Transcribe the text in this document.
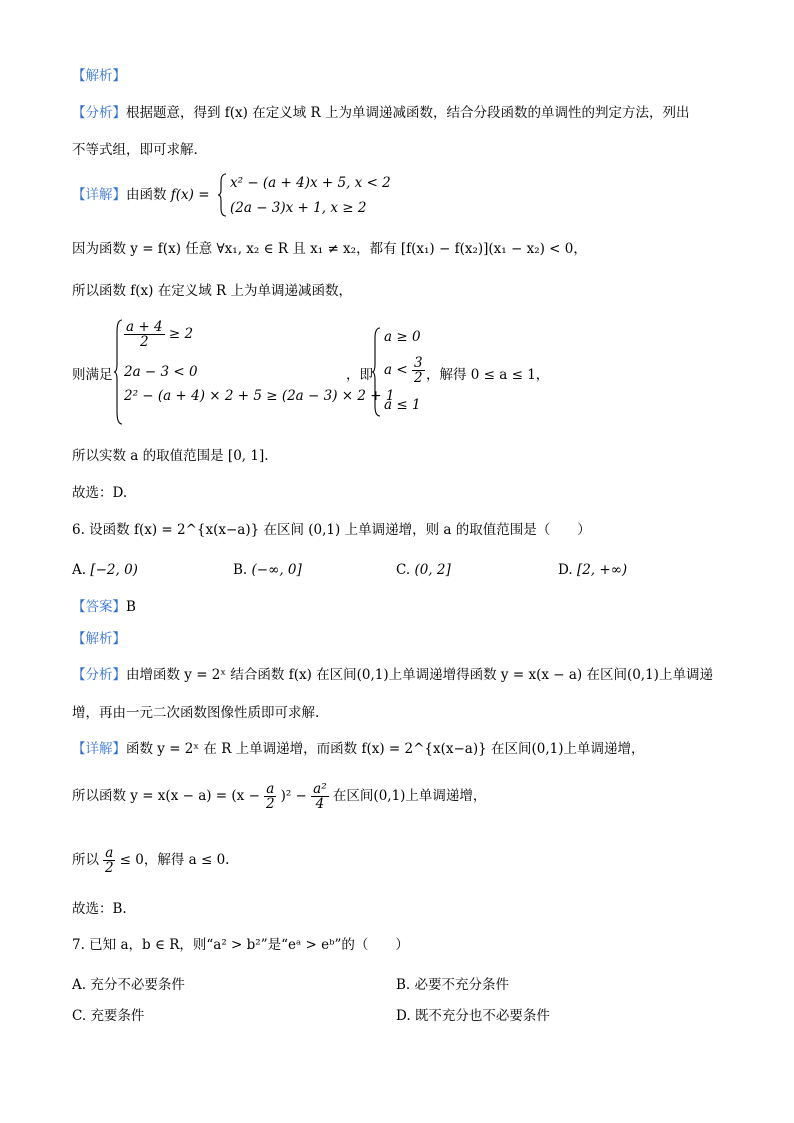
【解析】
【分析】根据题意，得到 f(x) 在定义域 R 上为单调递减函数，结合分段函数的单调性的判定方法，列出
不等式组，即可求解.
【详解】由函数 f(x) =
x² − (a + 4)x + 5, x < 2
(2a − 3)x + 1, x ≥ 2
因为函数 y = f(x) 任意 ∀x₁, x₂ ∈ R 且 x₁ ≠ x₂，都有 [f(x₁) − f(x₂)](x₁ − x₂) < 0，
所以函数 f(x) 在定义域 R 上为单调递减函数，
则满足
$\frac{a + 4}{2} \ge 2$
2a − 3 < 0
2² − (a + 4) × 2 + 5 ≥ (2a − 3) × 2 + 1
，即
a ≥ 0
$a < \frac{3}{2}$
a ≤ 1
，解得 0 ≤ a ≤ 1，
所以实数 a 的取值范围是 [0, 1].
故选：D.
6. 设函数 f(x) = 2^{x(x−a)} 在区间 (0,1) 上单调递增，则 a 的取值范围是（　　）
A. [−2, 0)	B. (−∞, 0]	C. (0, 2]	D. [2, +∞)
【答案】B
【解析】
【分析】由增函数 y = 2ˣ 结合函数 f(x) 在区间(0,1)上单调递增得函数 y = x(x − a) 在区间(0,1)上单调递
增，再由一元二次函数图像性质即可求解.
【详解】函数 y = 2ˣ 在 R 上单调递增，而函数 f(x) = 2^{x(x−a)} 在区间(0,1)上单调递增，
所以函数 $y = x(x - a) = (x - \frac{a}{2} )^2 - \frac{\text{a²}}{4}$ 在区间(0,1)上单调递增，
所以 $\frac{a}{2} \le 0$，解得 a ≤ 0.
故选：B.
7. 已知 a，b ∈ R，则“a² > b²”是“eᵃ > eᵇ”的（　　）
A. 充分不必要条件	B. 必要不充分条件
C. 充要条件	D. 既不充分也不必要条件
